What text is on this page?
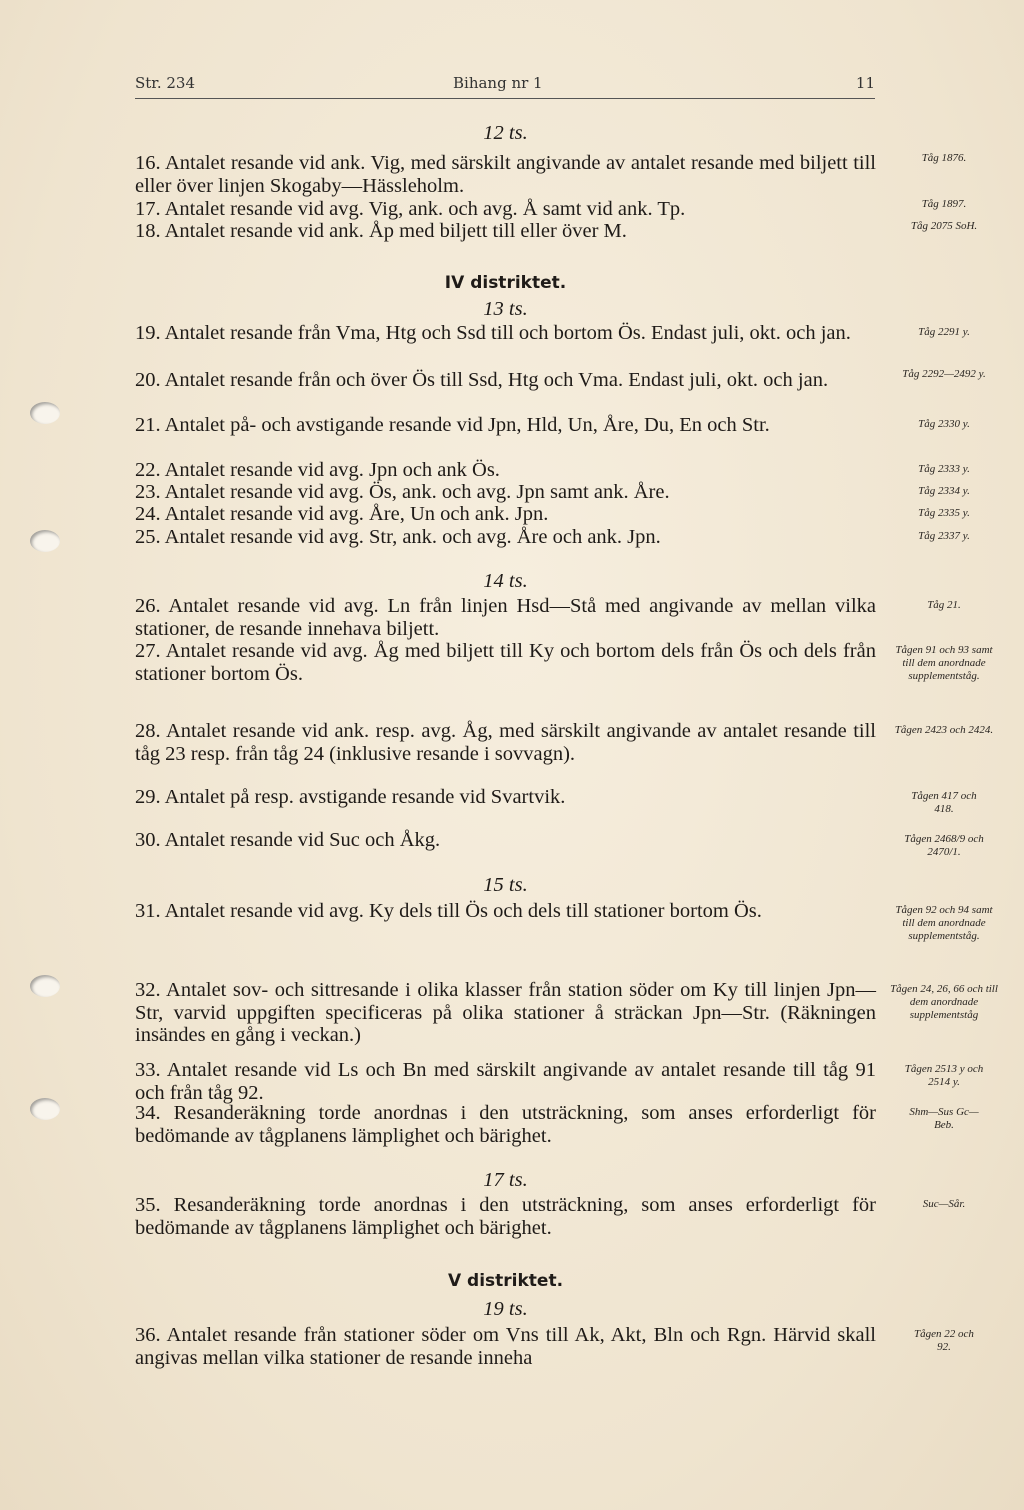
Str. 234	Bihang nr 1	11
12 ts.
16. Antalet resande vid ank. Vig, med särskilt angivande av antalet resande med biljett till eller över linjen Skogaby—Hässleholm.
17. Antalet resande vid avg. Vig, ank. och avg. Å samt vid ank. Tp.
18. Antalet resande vid ank. Åp med biljett till eller över M.
IV distriktet.
13 ts.
19. Antalet resande från Vma, Htg och Ssd till och bortom Ös. Endast juli, okt. och jan.
20. Antalet resande från och över Ös till Ssd, Htg och Vma. Endast juli, okt. och jan.
21. Antalet på- och avstigande resande vid Jpn, Hld, Un, Åre, Du, En och Str.
22. Antalet resande vid avg. Jpn och ank Ös.
23. Antalet resande vid avg. Ös, ank. och avg. Jpn samt ank. Åre.
24. Antalet resande vid avg. Åre, Un och ank. Jpn.
25. Antalet resande vid avg. Str, ank. och avg. Åre och ank. Jpn.
14 ts.
26. Antalet resande vid avg. Ln från linjen Hsd—Stå med angivande av mellan vilka stationer, de resande innehava biljett.
27. Antalet resande vid avg. Åg med biljett till Ky och bortom dels från Ös och dels från stationer bortom Ös.
28. Antalet resande vid ank. resp. avg. Åg, med särskilt angivande av antalet resande till tåg 23 resp. från tåg 24 (inklusive resande i sovvagn).
29. Antalet på resp. avstigande resande vid Svartvik.
30. Antalet resande vid Suc och Åkg.
15 ts.
31. Antalet resande vid avg. Ky dels till Ös och dels till stationer bortom Ös.
32. Antalet sov- och sittresande i olika klasser från station söder om Ky till linjen Jpn—Str, varvid uppgiften specificeras på olika stationer å sträckan Jpn—Str. (Räkningen insändes en gång i veckan.)
33. Antalet resande vid Ls och Bn med särskilt angivande av antalet resande till tåg 91 och från tåg 92.
34. Resanderäkning torde anordnas i den utsträckning, som anses erforderligt för bedömande av tågplanens lämplighet och bärighet.
17 ts.
35. Resanderäkning torde anordnas i den utsträckning, som anses erforderligt för bedömande av tågplanens lämplighet och bärighet.
V distriktet.
19 ts.
36. Antalet resande från stationer söder om Vns till Ak, Akt, Bln och Rgn. Härvid skall angivas mellan vilka stationer de resande inneha
Tåg 1876.
Tåg 1897.
Tåg 2075 SoH.
Tåg 2291 y.
Tåg 2292—2492 y.
Tåg 2330 y.
Tåg 2333 y.
Tåg 2334 y.
Tåg 2335 y.
Tåg 2337 y.
Tåg 21.
Tågen 91 och 93 samt till dem anordnade supplementståg.
Tågen 2423 och 2424.
Tågen 417 och 418.
Tågen 2468/9 och 2470/1.
Tågen 92 och 94 samt till dem anordnade supplementståg.
Tågen 24, 26, 66 och till dem anordnade supplementståg
Tågen 2513 y och 2514 y.
Shm—Sus Gc—Beb.
Suc—Sår.
Tågen 22 och 92.
